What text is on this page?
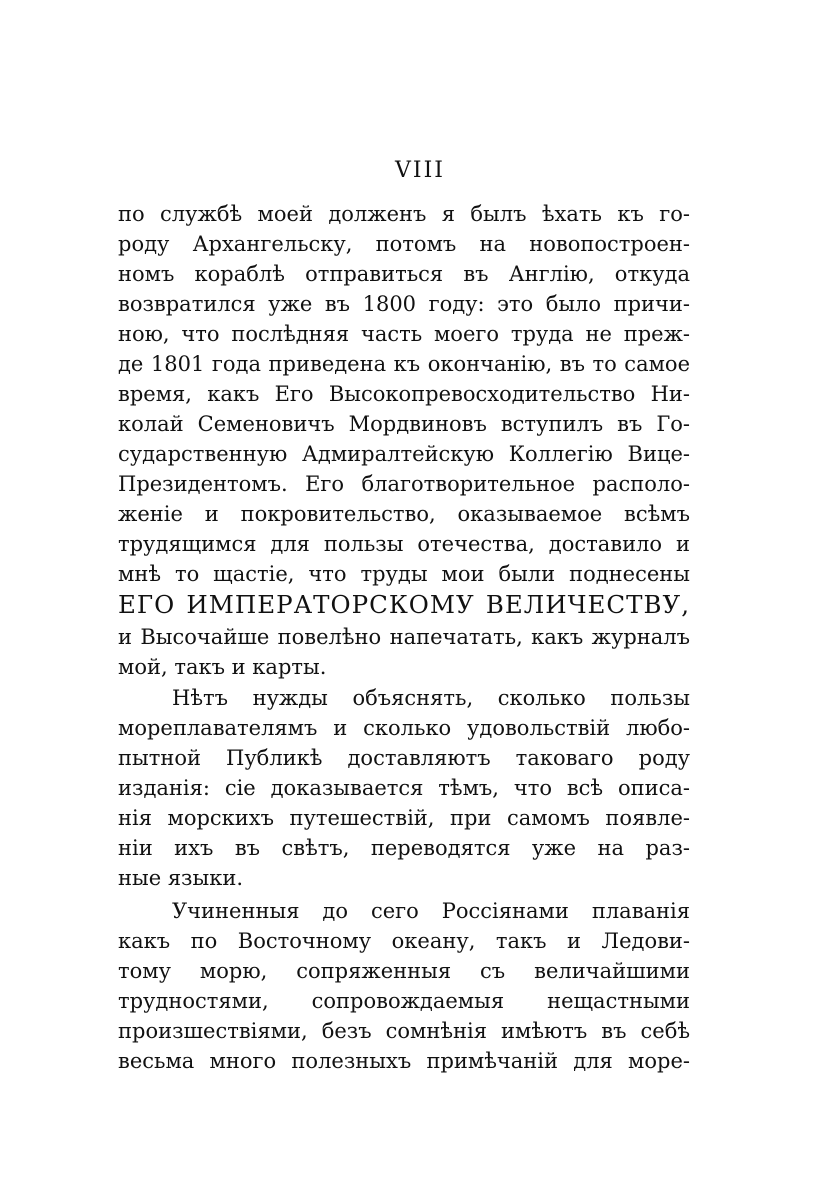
VIII
по службѣ моей долженъ я былъ ѣхать къ го-
роду Архангельску, потомъ на новопостроен-
номъ кораблѣ отправиться въ Англію, откуда
возвратился уже въ 1800 году: это было причи-
ною, что послѣдняя часть моего труда не преж-
де 1801 года приведена къ окончанію, въ то самое
время, какъ Его Высокопревосходительство Ни-
колай Семеновичъ Мордвиновъ вступилъ въ Го-
сударственную Адмиралтейскую Коллегію Вице-
Президентомъ. Его благотворительное располо-
женіе и покровительство, оказываемое всѣмъ
трудящимся для пользы отечества, доставило и
мнѣ то щастіе, что труды мои были поднесены
ЕГО ИМПЕРАТОРСКОМУ ВЕЛИЧЕСТВУ,
и Высочайше повелѣно напечатать, какъ журналъ
мой, такъ и карты.
Нѣтъ нужды объяснять, сколько пользы
мореплавателямъ и сколько удовольствій любо-
пытной Публикѣ доставляютъ таковаго роду
изданія: сіе доказывается тѣмъ, что всѣ описа-
нія морскихъ путешествій, при самомъ появле-
ніи ихъ въ свѣтъ, переводятся уже на раз-
ные языки.
Учиненныя до сего Россіянами плаванія
какъ по Восточному океану, такъ и Ледови-
тому морю, сопряженныя съ величайшими
трудностями, сопровождаемыя нещастными
произшествіями, безъ сомнѣнія имѣютъ въ себѣ
весьма много полезныхъ примѣчаній для море-
